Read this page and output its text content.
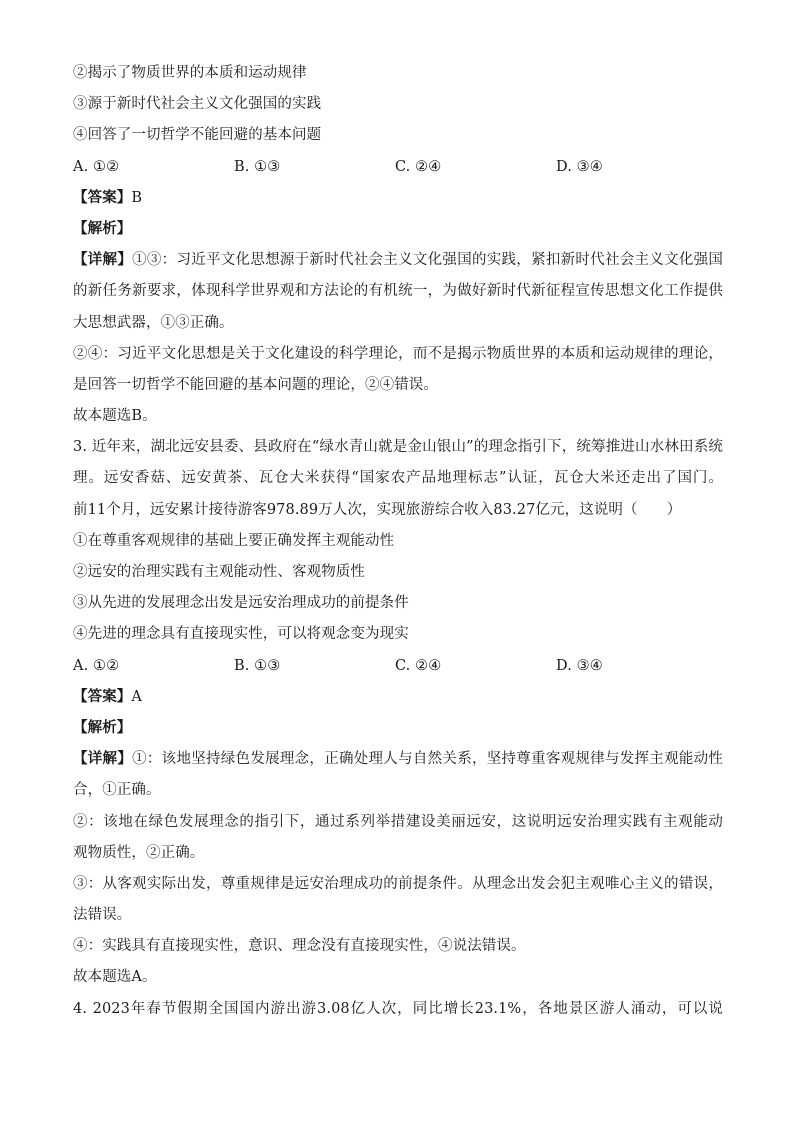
②揭示了物质世界的本质和运动规律
③源于新时代社会主义文化强国的实践
④回答了一切哲学不能回避的基本问题
A. ①②	B. ①③	C. ②④	D. ③④
【答案】B
【解析】
【详解】①③：习近平文化思想源于新时代社会主义文化强国的实践，紧扣新时代社会主义文化强国
的新任务新要求，体现科学世界观和方法论的有机统一，为做好新时代新征程宣传思想文化工作提供
大思想武器，①③正确。
②④：习近平文化思想是关于文化建设的科学理论，而不是揭示物质世界的本质和运动规律的理论，
是回答一切哲学不能回避的基本问题的理论，②④错误。
故本题选B。
3. 近年来，湖北远安县委、县政府在“绿水青山就是金山银山”的理念指引下，统筹推进山水林田系统
理。远安香菇、远安黄茶、瓦仓大米获得“国家农产品地理标志”认证，瓦仓大米还走出了国门。
前11个月，远安累计接待游客978.89万人次，实现旅游综合收入83.27亿元，这说明（　　）
①在尊重客观规律的基础上要正确发挥主观能动性
②远安的治理实践有主观能动性、客观物质性
③从先进的发展理念出发是远安治理成功的前提条件
④先进的理念具有直接现实性，可以将观念变为现实
A. ①②	B. ①③	C. ②④	D. ③④
【答案】A
【解析】
【详解】①：该地坚持绿色发展理念，正确处理人与自然关系，坚持尊重客观规律与发挥主观能动性
合，①正确。
②：该地在绿色发展理念的指引下，通过系列举措建设美丽远安，这说明远安治理实践有主观能动
观物质性，②正确。
③：从客观实际出发，尊重规律是远安治理成功的前提条件。从理念出发会犯主观唯心主义的错误，
法错误。
④：实践具有直接现实性，意识、理念没有直接现实性，④说法错误。
故本题选A。
4. 2023年春节假期全国国内游出游3.08亿人次，同比增长23.1%，各地景区游人涌动，可以说
